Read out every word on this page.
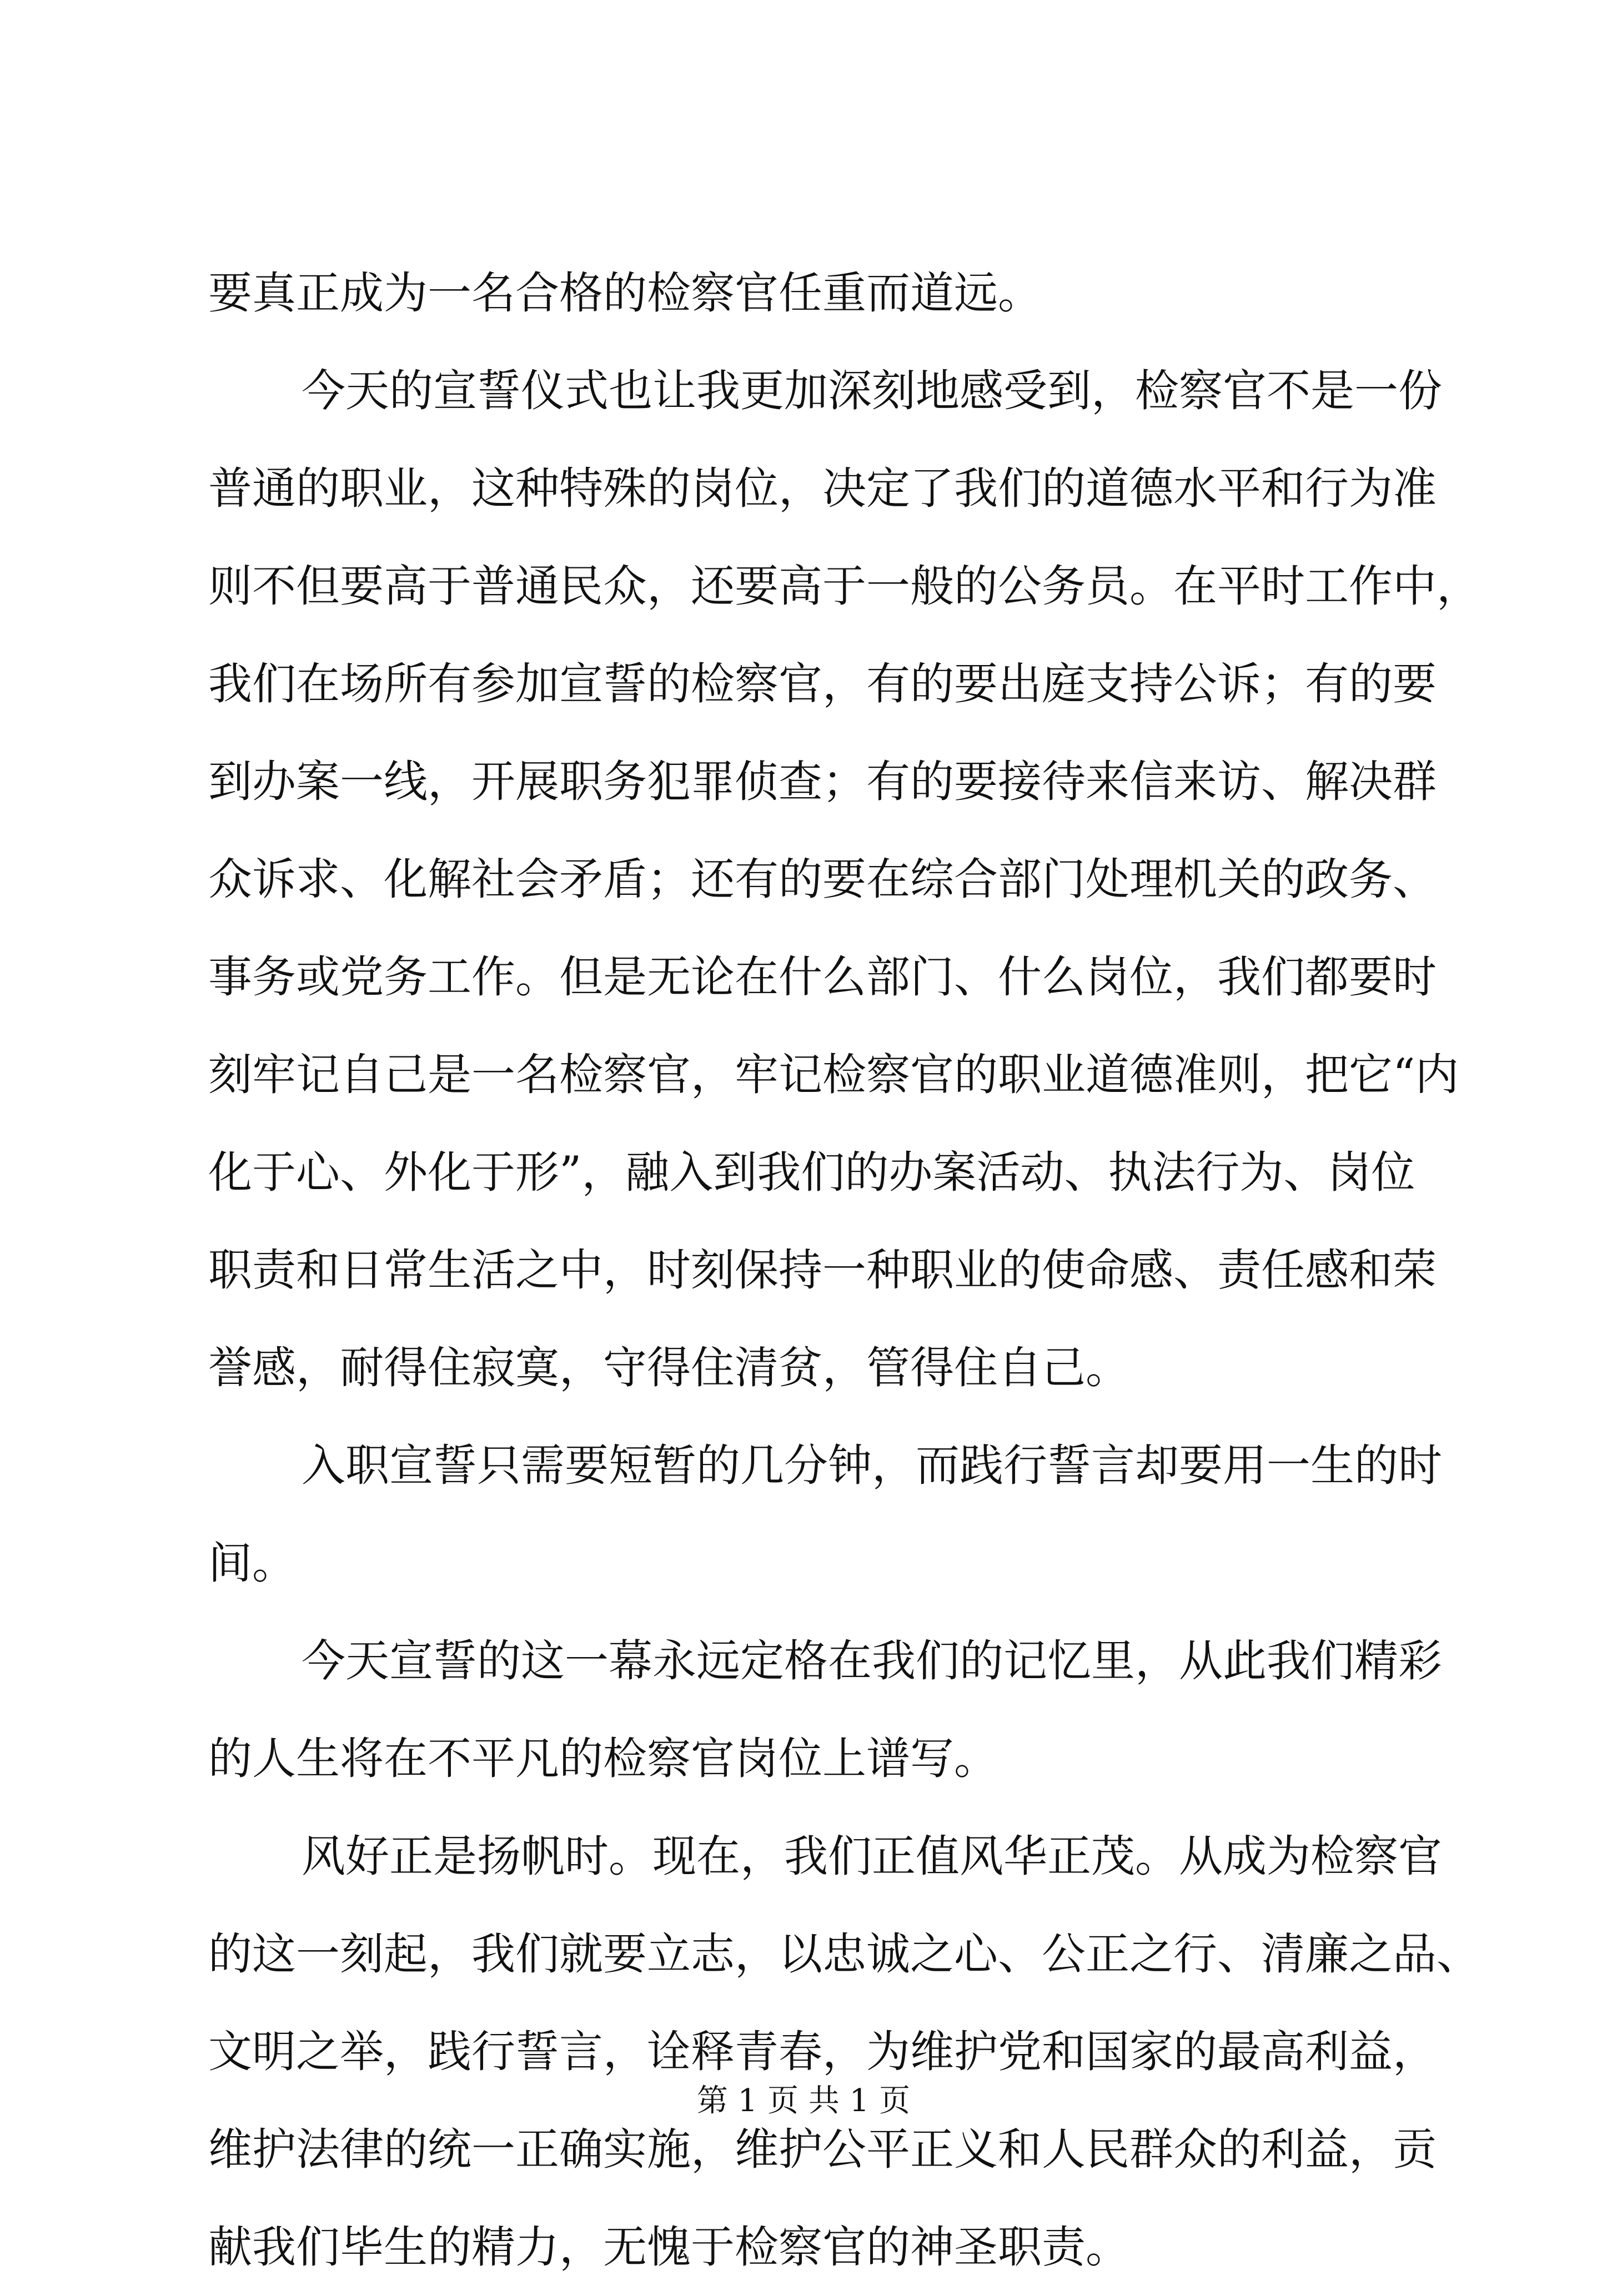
要真正成为一名合格的检察官任重而道远。
今天的宣誓仪式也让我更加深刻地感受到，检察官不是一份
普通的职业，这种特殊的岗位，决定了我们的道德水平和行为准
则不但要高于普通民众，还要高于一般的公务员。在平时工作中，
我们在场所有参加宣誓的检察官，有的要出庭支持公诉；有的要
到办案一线，开展职务犯罪侦查；有的要接待来信来访、解决群
众诉求、化解社会矛盾；还有的要在综合部门处理机关的政务、
事务或党务工作。但是无论在什么部门、什么岗位，我们都要时
刻牢记自己是一名检察官，牢记检察官的职业道德准则，把它“内
化于心、外化于形”，融入到我们的办案活动、执法行为、岗位
职责和日常生活之中，时刻保持一种职业的使命感、责任感和荣
誉感，耐得住寂寞，守得住清贫，管得住自己。
入职宣誓只需要短暂的几分钟，而践行誓言却要用一生的时
间。
今天宣誓的这一幕永远定格在我们的记忆里，从此我们精彩
的人生将在不平凡的检察官岗位上谱写。
风好正是扬帆时。现在，我们正值风华正茂。从成为检察官
的这一刻起，我们就要立志，以忠诚之心、公正之行、清廉之品、
文明之举，践行誓言，诠释青春，为维护党和国家的最高利益，
维护法律的统一正确实施，维护公平正义和人民群众的利益，贡
献我们毕生的精力，无愧于检察官的神圣职责。
第 1 页 共 1 页
